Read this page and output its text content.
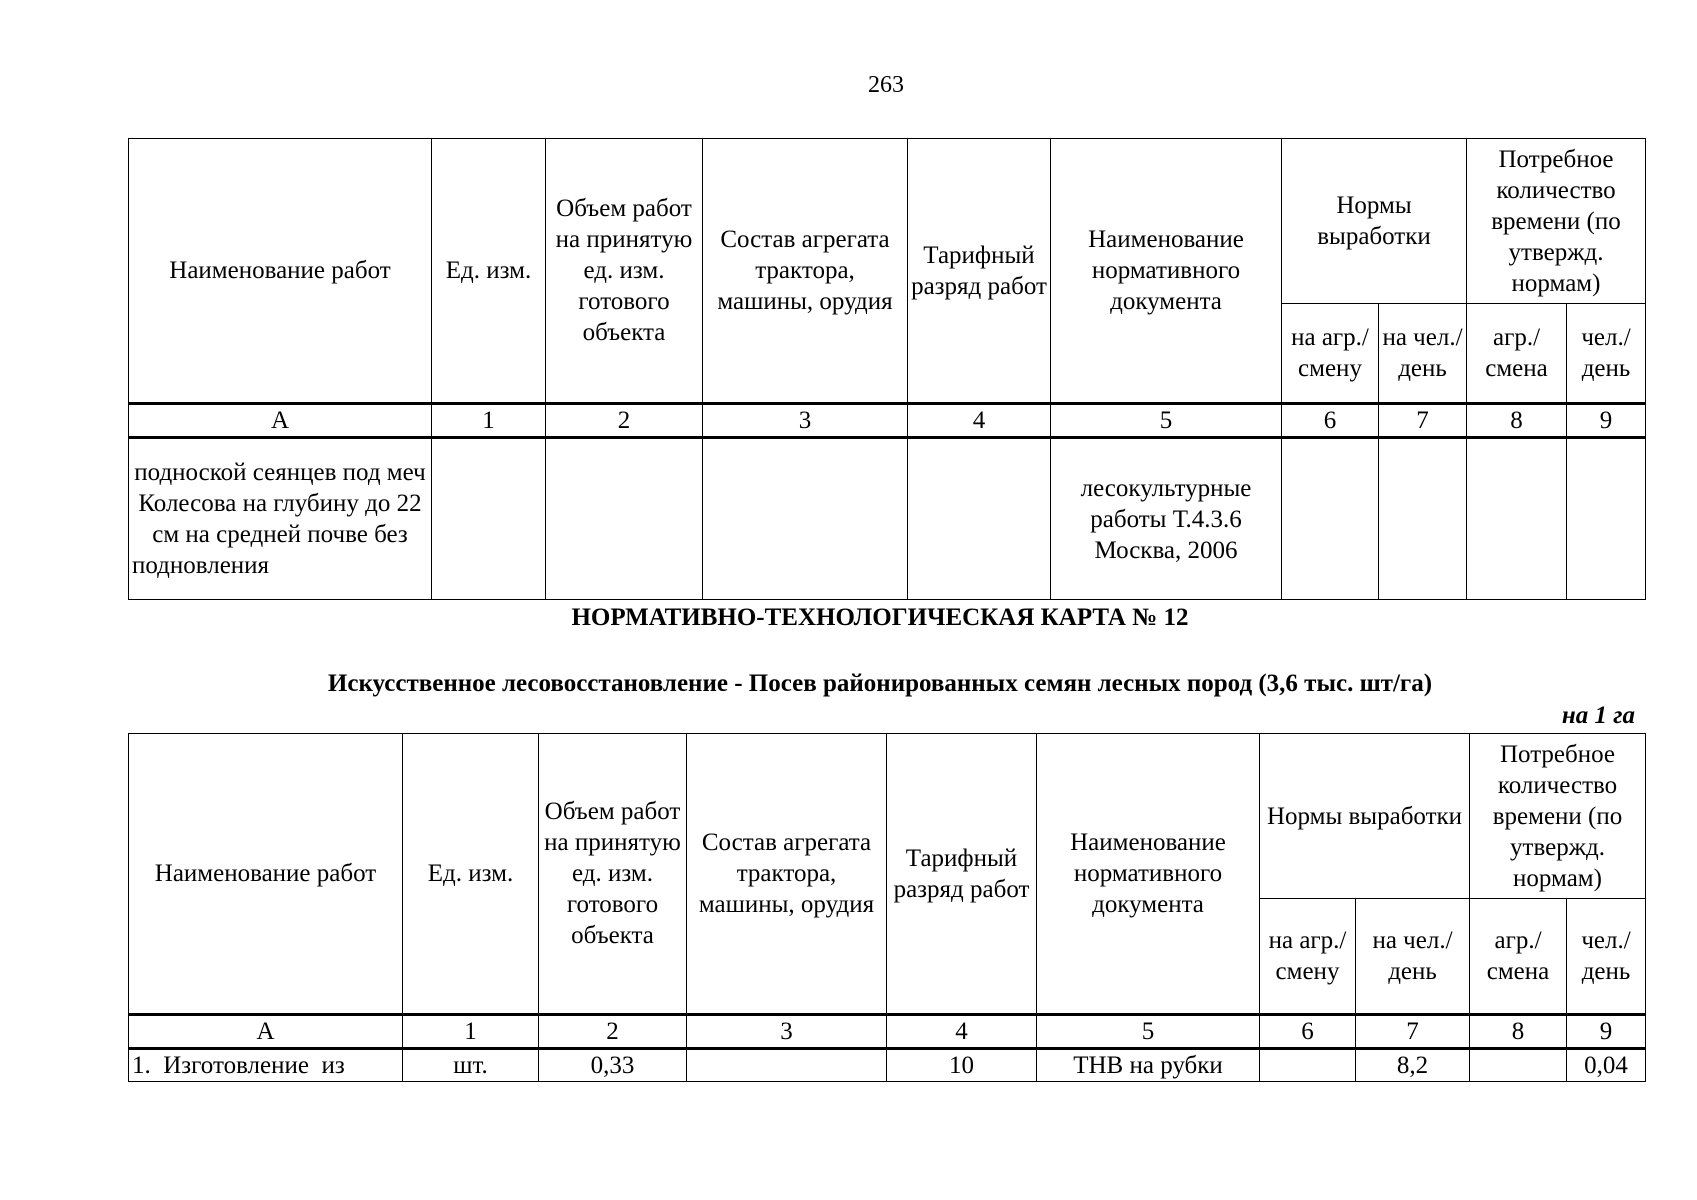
263
Наименование работ	Ед. изм.	Объем работ на принятую ед. изм. готового объекта	Состав агрегата трактора, машины, орудия	Тарифный разряд работ	Наименование нормативного документа	Нормы выработки		Потребное количество времени (по утвержд. нормам)	
						на агр./ смену	на чел./ день	агр./ смена	чел./ день
А	1	2	3	4	5	6	7	8	9
подноской сеянцев под меч Колесова на глубину до 22 см на средней почве без подновления					лесокультурные работы Т.4.3.6 Москва, 2006				
НОРМАТИВНО-ТЕХНОЛОГИЧЕСКАЯ КАРТА № 12
Искусственное лесовосстановление - Посев районированных семян лесных пород (3,6 тыс. шт/га)
на 1 га
Наименование работ	Ед. изм.	Объем работ на принятую ед. изм. готового объекта	Состав агрегата трактора, машины, орудия	Тарифный разряд работ	Наименование нормативного документа	Нормы выработки		Потребное количество времени (по утвержд. нормам)	
						на агр./ смену	на чел./ день	агр./ смена	чел./ день
А	1	2	3	4	5	6	7	8	9
1.  Изготовление  из	шт.	0,33		10	ТНВ на рубки		8,2		0,04
